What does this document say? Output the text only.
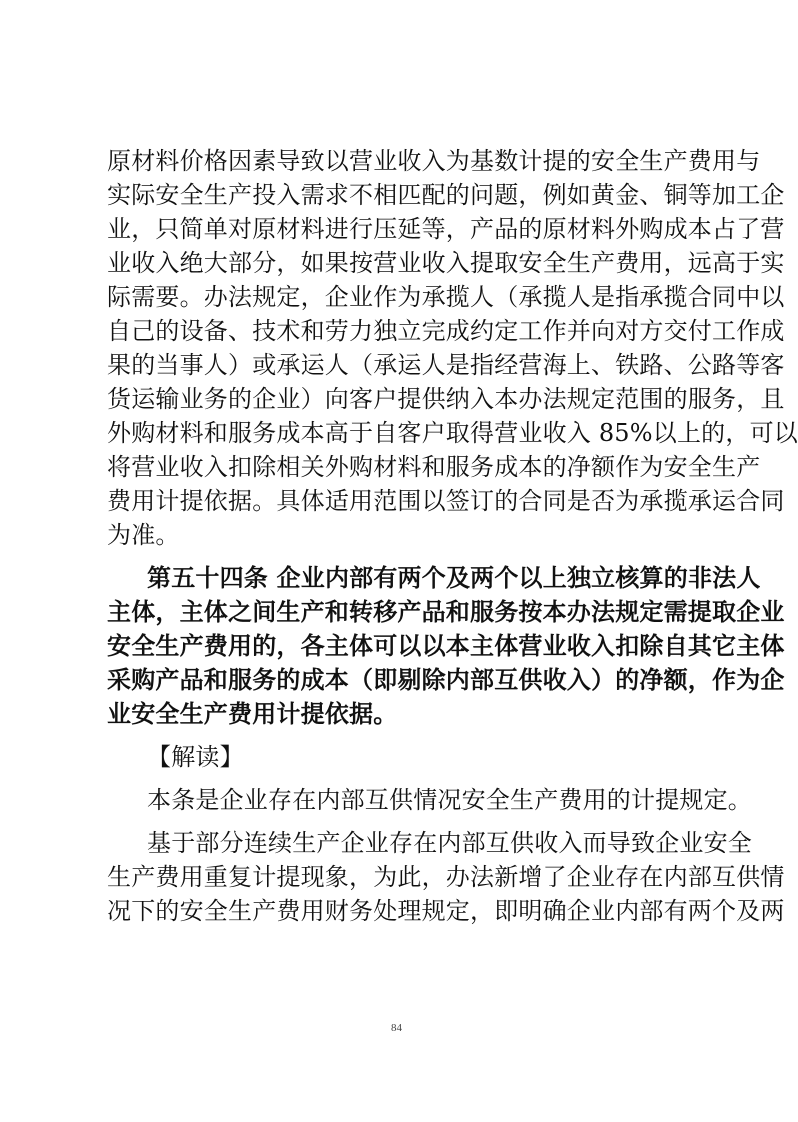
原材料价格因素导致以营业收入为基数计提的安全生产费用与
实际安全生产投入需求不相匹配的问题，例如黄金、铜等加工企
业，只简单对原材料进行压延等，产品的原材料外购成本占了营
业收入绝大部分，如果按营业收入提取安全生产费用，远高于实
际需要。办法规定，企业作为承揽人（承揽人是指承揽合同中以
自己的设备、技术和劳力独立完成约定工作并向对方交付工作成
果的当事人）或承运人（承运人是指经营海上、铁路、公路等客
货运输业务的企业）向客户提供纳入本办法规定范围的服务，且
外购材料和服务成本高于自客户取得营业收入 85%以上的，可以
将营业收入扣除相关外购材料和服务成本的净额作为安全生产
费用计提依据。具体适用范围以签订的合同是否为承揽承运合同
为准。
第五十四条 企业内部有两个及两个以上独立核算的非法人
主体，主体之间生产和转移产品和服务按本办法规定需提取企业
安全生产费用的，各主体可以以本主体营业收入扣除自其它主体
采购产品和服务的成本（即剔除内部互供收入）的净额，作为企
业安全生产费用计提依据。
【解读】
本条是企业存在内部互供情况安全生产费用的计提规定。
基于部分连续生产企业存在内部互供收入而导致企业安全
生产费用重复计提现象，为此，办法新增了企业存在内部互供情
况下的安全生产费用财务处理规定，即明确企业内部有两个及两
84
